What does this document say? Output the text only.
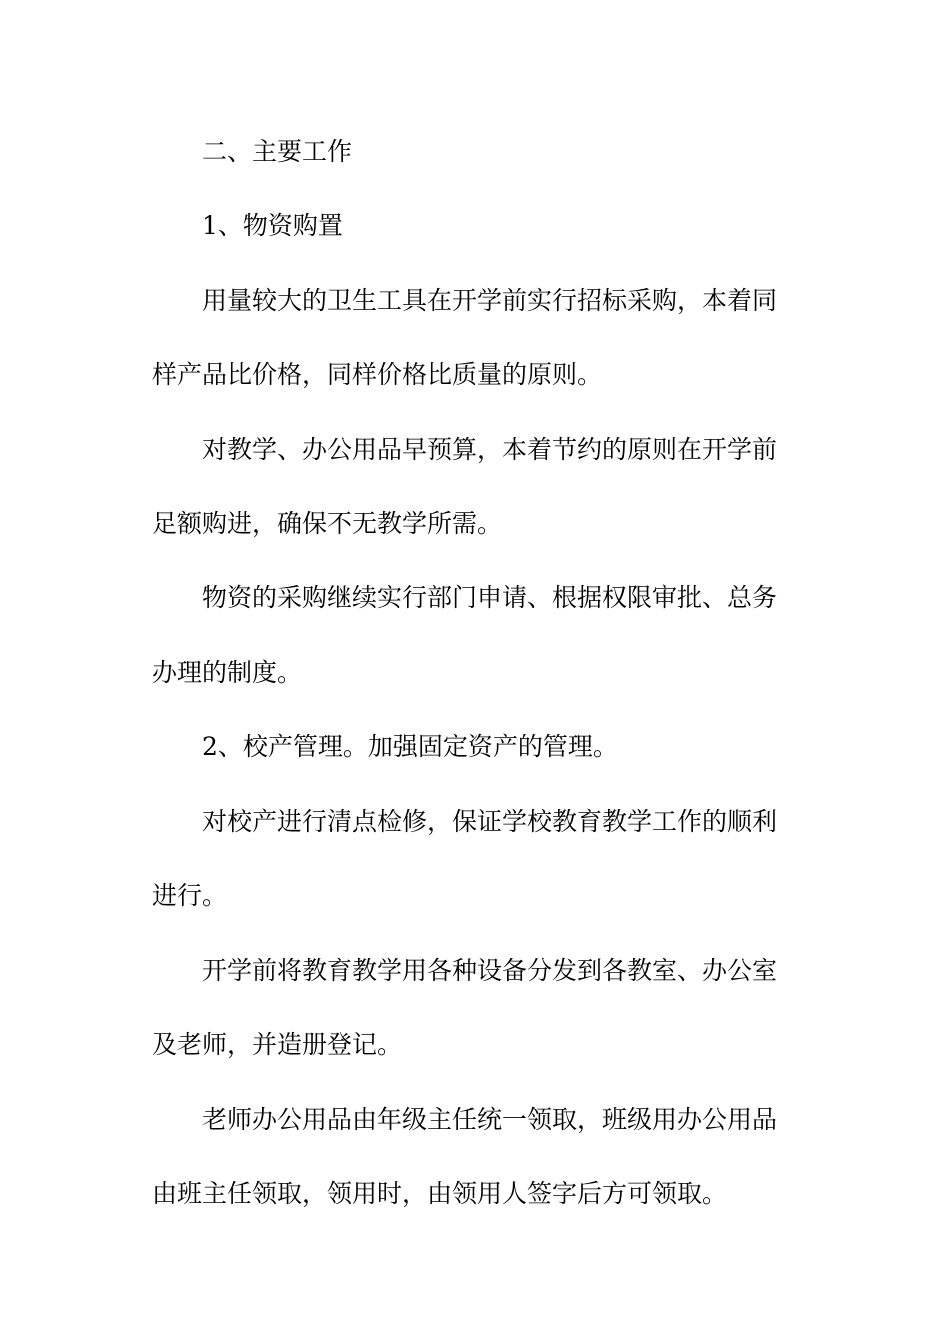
二、主要工作
1、物资购置
用量较大的卫生工具在开学前实行招标采购，本着同
样产品比价格，同样价格比质量的原则。
对教学、办公用品早预算，本着节约的原则在开学前
足额购进，确保不无教学所需。
物资的采购继续实行部门申请、根据权限审批、总务
办理的制度。
2、校产管理。加强固定资产的管理。
对校产进行清点检修，保证学校教育教学工作的顺利
进行。
开学前将教育教学用各种设备分发到各教室、办公室
及老师，并造册登记。
老师办公用品由年级主任统一领取，班级用办公用品
由班主任领取，领用时，由领用人签字后方可领取。
